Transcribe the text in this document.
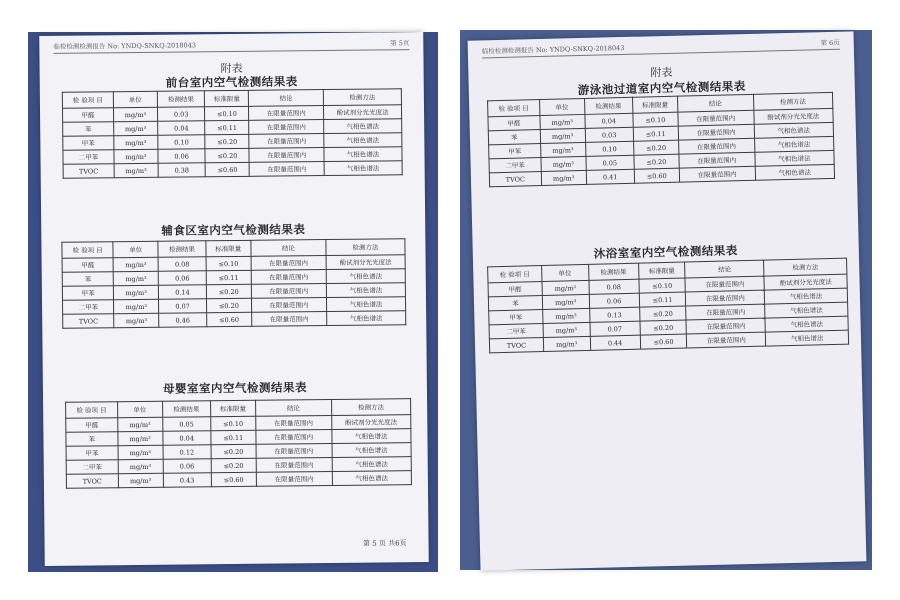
临检检测检测报告 No: YNDQ-SNKQ-2018043	第 5页
附表
前台室内空气检测结果表
检 验项 目	单位	检测结果	标准限量	结论	检测方法
甲醛	mg/m³	0.03	≤0.10	在限量范围内	酚试剂分光光度法
苯	mg/m³	0.04	≤0.11	在限量范围内	气相色谱法
甲苯	mg/m³	0.10	≤0.20	在限量范围内	气相色谱法
二甲苯	mg/m³	0.06	≤0.20	在限量范围内	气相色谱法
TVOC	mg/m³	0.38	≤0.60	在限量范围内	气相色谱法
辅食区室内空气检测结果表
检 验项 目	单位	检测结果	标准限量	结论	检测方法
甲醛	mg/m³	0.08	≤0.10	在限量范围内	酚试剂分光光度法
苯	mg/m³	0.06	≤0.11	在限量范围内	气相色谱法
甲苯	mg/m³	0.14	≤0.20	在限量范围内	气相色谱法
二甲苯	mg/m³	0.07	≤0.20	在限量范围内	气相色谱法
TVOC	mg/m³	0.46	≤0.60	在限量范围内	气相色谱法
母婴室室内空气检测结果表
检 验项 目	单位	检测结果	标准限量	结论	检测方法
甲醛	mg/m³	0.05	≤0.10	在限量范围内	酚试剂分光光度法
苯	mg/m³	0.04	≤0.11	在限量范围内	气相色谱法
甲苯	mg/m³	0.12	≤0.20	在限量范围内	气相色谱法
二甲苯	mg/m³	0.06	≤0.20	在限量范围内	气相色谱法
TVOC	mg/m³	0.43	≤0.60	在限量范围内	气相色谱法
第 5 页 共6页
临检检测检测报告 No: YNDQ-SNKQ-2018043
第 6页
附表
游泳池过道室内空气检测结果表
检 验项 目	单位	检测结果	标准限量	结论	检测方法
甲醛	mg/m³	0.04	≤0.10	在限量范围内	酚试剂分光光度法
苯	mg/m³	0.03	≤0.11	在限量范围内	气相色谱法
甲苯	mg/m³	0.10	≤0.20	在限量范围内	气相色谱法
二甲苯	mg/m³	0.05	≤0.20	在限量范围内	气相色谱法
TVOC	mg/m³	0.41	≤0.60	在限量范围内	气相色谱法
沐浴室室内空气检测结果表
检 验项 目	单位	检测结果	标准限量	结论	检测方法
甲醛	mg/m³	0.08	≤0.10	在限量范围内	酚试剂分光光度法
苯	mg/m³	0.06	≤0.11	在限量范围内	气相色谱法
甲苯	mg/m³	0.13	≤0.20	在限量范围内	气相色谱法
二甲苯	mg/m³	0.07	≤0.20	在限量范围内	气相色谱法
TVOC	mg/m³	0.44	≤0.60	在限量范围内	气相色谱法
